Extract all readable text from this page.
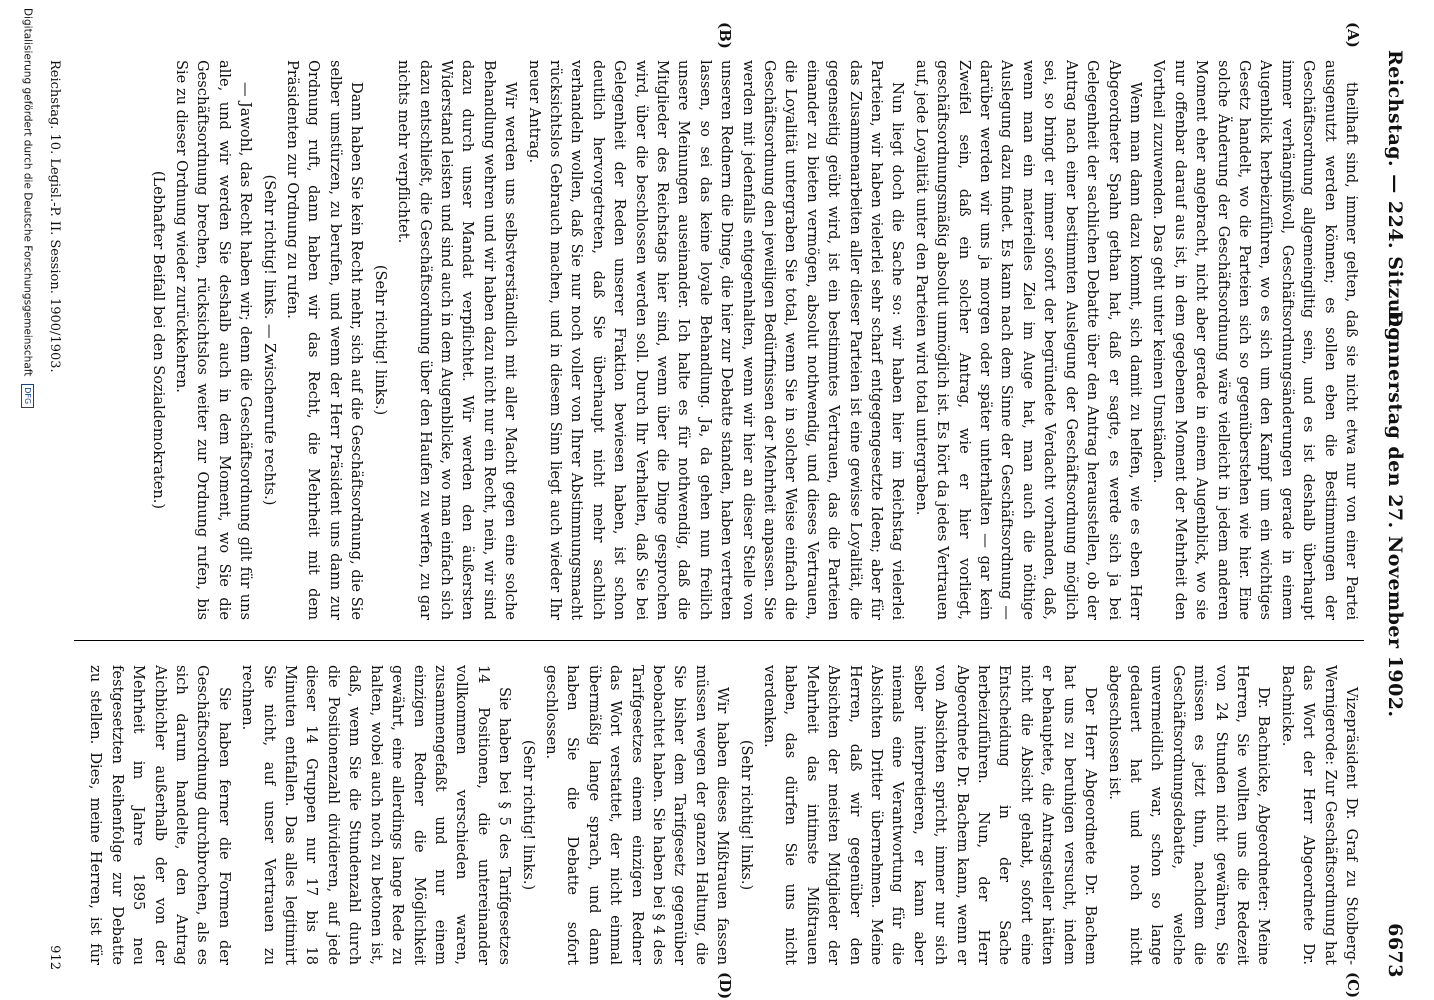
Reichstag. — 224. Sitzung.
Donnerstag den 27. November 1902.
6673
(A)
(B)
(C)
(D)

theilhaft sind, immer gelten, daß sie nicht etwa nur von einer Partei ausgenutzt werden können; es sollen eben die Bestimmungen der Geschäftsordnung allgemeingiltig sein, und es ist deshalb überhaupt immer verhängnißvoll, Geschäftsordnungsänderungen gerade in einem Augenblick herbeizuführen, wo es sich um den Kampf um ein wichtiges Gesetz handelt, wo die Parteien sich so gegenüberstehen wie hier. Eine solche Änderung der Geschäftsordnung wäre vielleicht in jedem anderen Moment eher angebracht, nicht aber gerade in einem Augenblick, wo sie nur offenbar darauf aus ist, in dem gegebenen Moment der Mehrheit den Vortheil zuzuwenden. Das geht unter keinen Umständen.

Wenn man dann dazu kommt, sich damit zu helfen, wie es eben Herr Abgeordneter Spahn gethan hat, daß er sagte, es werde sich ja bei Gelegenheit der sachlichen Debatte über den Antrag herausstellen, ob der Antrag nach einer bestimmten Auslegung der Geschäftsordnung möglich sei, so bringt er immer sofort der begründete Verdacht vorhanden, daß, wenn man ein materielles Ziel im Auge hat, man auch die nöthige Auslegung dazu findet. Es kann nach dem Sinne der Geschäftsordnung — darüber werden wir uns ja morgen oder später unterhalten — gar kein Zweifel sein, daß ein solcher Antrag, wie er hier vorliegt, geschäftsordnungsmäßig absolut unmöglich ist. Es hört da jedes Vertrauen auf, jede Loyalität unter den Parteien wird total untergraben.

Nun liegt doch die Sache so: wir haben hier im Reichstag vielerlei Parteien, wir haben vielerlei sehr scharf entgegengesetzte Ideen; aber für das Zusammenarbeiten aller dieser Parteien ist eine gewisse Loyalität, die gegenseitig geübt wird, ist ein bestimmtes Vertrauen, das die Parteien einander zu bieten vermögen, absolut nothwendig, und dieses Vertrauen, die Loyalität untergraben Sie total, wenn Sie in solcher Weise einfach die Geschäftsordnung den jeweiligen Bedürfnissen der Mehrheit anpassen. Sie werden mit jedenfalls entgegenhalten, wenn wir hier an dieser Stelle von unseren Rednern die Dinge, die hier zur Debatte standen, haben vertreten lassen, so sei das keine loyale Behandlung. Ja, da gehen nun freilich unsere Meinungen auseinander. Ich halte es für nothwendig, daß die Mitglieder des Reichstags hier sind, wenn über die Dinge gesprochen wird, über die beschlossen werden soll. Durch Ihr Verhalten, daß Sie bei Gelegenheit der Reden unserer Fraktion bewiesen haben, ist schon deutlich hervorgetreten, daß Sie überhaupt nicht mehr sachlich verhandeln wollen, daß Sie nur noch voller von Ihrer Abstimmungsmacht rücksichtslos Gebrauch machen, und in diesem Sinn liegt auch wieder Ihr neuer Antrag.

Wir werden uns selbstverständlich mit aller Macht gegen eine solche Behandlung wehren und wir haben dazu nicht nur ein Recht, nein, wir sind dazu durch unser Mandat verpflichtet. Wir werden den äußersten Widerstand leisten und sind auch in dem Augenblicke, wo man einfach sich dazu entschließt, die Geschäftsordnung über den Haufen zu werfen, zu gar nichts mehr verpflichtet.

(Sehr richtig! links.)

Dann haben Sie kein Recht mehr, sich auf die Geschäftsordnung, die Sie selber umstürzen, zu berufen, und wenn der Herr Präsident uns dann zur Ordnung ruft, dann haben wir das Recht, die Mehrheit mit dem Präsidenten zur Ordnung zu rufen.

(Sehr richtig! links. — Zwischenrufe rechts.)

— Jawohl, das Recht haben wir; denn die Geschäftsordnung gilt für uns alle, und wir werden Sie deshalb auch in dem Moment, wo Sie die Geschäftsordnung brechen, rücksichtslos weiter zur Ordnung rufen, bis Sie zu dieser Ordnung wieder zurückkehren.

(Lebhafter Beifall bei den Sozialdemokraten.)

Vizepräsident Dr. Graf zu Stolberg-Wernigerode: Zur Geschäftsordnung hat das Wort der Herr Abgeordnete Dr. Bachnicke.

Dr. Bachnicke, Abgeordneter: Meine Herren, Sie wollten uns die Redezeit von 24 Stunden nicht gewähren, Sie müssen es jetzt thun, nachdem die Geschäftsordnungsdebatte, welche unvermeidlich war, schon so lange gedauert hat und noch nicht abgeschlossen ist.

Der Herr Abgeordnete Dr. Bachem hat uns zu beruhigen versucht, indem er behauptete, die Antragsteller hätten nicht die Absicht gehabt, sofort eine Entscheidung in der Sache herbeizuführen. Nun, der Herr Abgeordnete Dr. Bachem kann, wenn er von Absichten spricht, immer nur sich selber interpretieren, er kann aber niemals eine Verantwortung für die Absichten Dritter übernehmen. Meine Herren, daß wir gegenüber den Absichten der meisten Mitglieder der Mehrheit das intimste Mißtrauen haben, das dürfen Sie uns nicht verdenken.

(Sehr richtig! links.)

Wir haben dieses Mißtrauen fassen müssen wegen der ganzen Haltung, die Sie bisher dem Tarifgesetz gegenüber beobachtet haben. Sie haben bei § 4 des Tarifgesetzes einem einzigen Redner das Wort verstattet, der nicht einmal übermäßig lange sprach, und dann haben Sie die Debatte sofort geschlossen.

(Sehr richtig! links.)

Sie haben bei § 5 des Tarifgesetzes 14 Positionen, die untereinander vollkommen verschieden waren, zusammengefaßt und nur einem einzigen Redner die Möglichkeit gewährt, eine allerdings lange Rede zu halten, wobei auch noch zu betonen ist, daß, wenn Sie die Stundenzahl durch die Positionenzahl dividieren, auf jede dieser 14 Gruppen nur 17 bis 18 Minuten entfallen. Das alles legitimirt Sie nicht, auf unser Vertrauen zu rechnen.

Sie haben ferner die Formen der Geschäftsordnung durchbrochen, als es sich darum handelte, den Antrag Aichbichler außerhalb der von der Mehrheit im Jahre 1895 neu festgesetzten Reihenfolge zur Debatte zu stellen. Dies, meine Herren, ist für

Reichstag. 10. Legisl.-P. II. Session. 1900/1903.
912
Digitalisierung gefördert durch die Deutsche Forschungsgemeinschaft DFG
